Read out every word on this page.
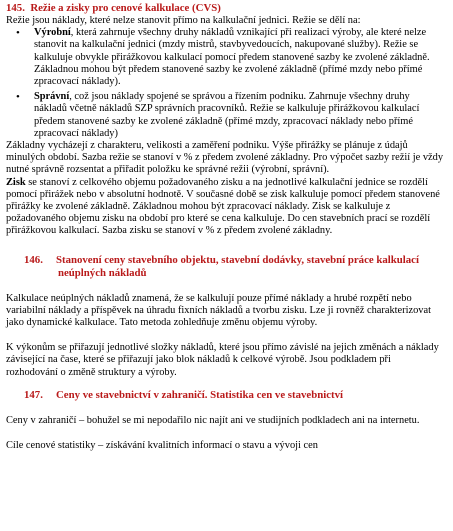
145. Režie a zisky pro cenové kalkulace (CVS)

Režie jsou náklady, které nelze stanovit přímo na kalkulační jednici. Režie se dělí na:

• Výrobní, která zahrnuje všechny druhy nákladů vznikající při realizaci výroby, ale které nelze stanovit na kalkulační jednici (mzdy mistrů, stavbyvedoucích, nakupované služby). Režie se kalkuluje obvykle přirážkovou kalkulací pomocí předem stanovené sazby ke zvolené základně. Základnou mohou být předem stanovené sazby ke zvolené základně (přímé mzdy nebo přímé zpracovací náklady).
• Správní, což jsou náklady spojené se správou a řízením podniku. Zahrnuje všechny druhy nákladů včetně nákladů SZP správních pracovníků. Režie se kalkuluje přirážkovou kalkulací předem stanovené sazby ke zvolené základně (přímé mzdy, zpracovací náklady nebo přímé zpracovací náklady)

Základny vycházejí z charakteru, velikosti a zaměření podniku. Výše přirážky se plánuje z údajů minulých období. Sazba režie se stanoví v % z předem zvolené základny. Pro výpočet sazby režií je vždy nutné správně rozsentat a přiřadit položku ke správné režii (výrobní, správní).

Zisk se stanoví z celkového objemu požadovaného zisku a na jednotlivé kalkulační jednice se rozdělí pomocí přirážek nebo v absolutní hodnotě. V současné době se zisk kalkuluje pomocí předem stanovené přirážky ke zvolené základně. Základnou mohou být zpracovací náklady. Zisk se kalkuluje z požadovaného objemu zisku na období pro které se cena kalkuluje. Do cen stavebních prací se rozdělí přirážkovou kalkulací. Sazba zisku se stanoví v % z předem zvolené základny.

146. Stanovení ceny stavebního objektu, stavební dodávky, stavební práce kalkulací
neúplných nákladů

Kalkulace neúplných nákladů znamená, že se kalkulují pouze přímé náklady a hrubé rozpětí nebo variabilní náklady a příspěvek na úhradu fixních nákladů a tvorbu zisku. Lze ji rovněž charakterizovat jako dynamické kalkulace. Tato metoda zohledňuje změnu objemu výroby.

K výkonům se přiřazují jednotlivé složky nákladů, které jsou přímo závislé na jejich změnách a náklady závisející na čase, které se přiřazují jako blok nákladů k celkové výrobě. Jsou podkladem při rozhodování o změně struktury a výroby.

147. Ceny ve stavebnictví v zahraničí. Statistika cen ve stavebnictví

Ceny v zahraničí – bohužel se mi nepodařilo nic najít ani ve studijních podkladech ani na internetu.

Cíle cenové statistiky – získávání kvalitních informací o stavu a vývoji cen
